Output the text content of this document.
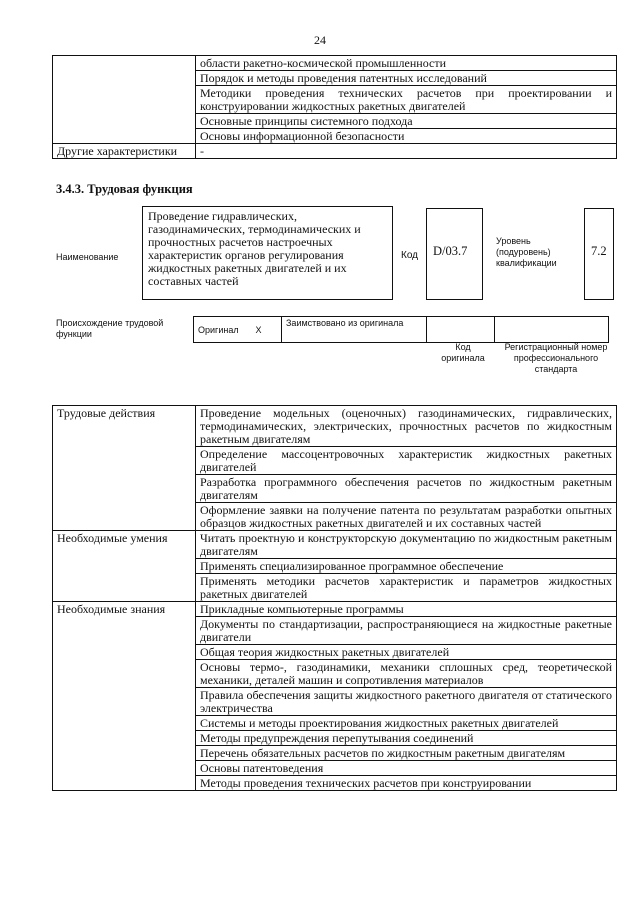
24
	области ракетно-космической промышленности
	Порядок и методы проведения патентных исследований
	Методики проведения технических расчетов при проектировании и конструировании жидкостных ракетных двигателей
	Основные принципы системного подхода
	Основы информационной безопасности
Другие характеристики	-
3.4.3. Трудовая функция
Наименование
Проведение гидравлических, газодинамических, термодинамических и прочностных расчетов настроечных характеристик органов регулирования жидкостных ракетных двигателей и их составных частей
Код	D/03.7
Уровень (подуровень) квалификации
7.2
Происхождение трудовой функции	Оригинал	X	Заимствовано из оригинала		
Код оригинала
Регистрационный номер профессионального стандарта
Трудовые действия	Проведение модельных (оценочных) газодинамических, гидравлических, термодинамических, электрических, прочностных расчетов по жидкостным ракетным двигателям
	Определение массоцентровочных характеристик жидкостных ракетных двигателей
	Разработка программного обеспечения расчетов по жидкостным ракетным двигателям
	Оформление заявки на получение патента по результатам разработки опытных образцов жидкостных ракетных двигателей и их составных частей
Необходимые умения	Читать проектную и конструкторскую документацию по жидкостным ракетным двигателям
	Применять специализированное программное обеспечение
	Применять методики расчетов характеристик и параметров жидкостных ракетных двигателей
Необходимые знания	Прикладные компьютерные программы
	Документы по стандартизации, распространяющиеся на жидкостные ракетные двигатели
	Общая теория жидкостных ракетных двигателей
	Основы термо-, газодинамики, механики сплошных сред, теоретической механики, деталей машин и сопротивления материалов
	Правила обеспечения защиты жидкостного ракетного двигателя от статического электричества
	Системы и методы проектирования жидкостных ракетных двигателей
	Методы предупреждения перепутывания соединений
	Перечень обязательных расчетов по жидкостным ракетным двигателям
	Основы патентоведения
	Методы проведения технических расчетов при конструировании
